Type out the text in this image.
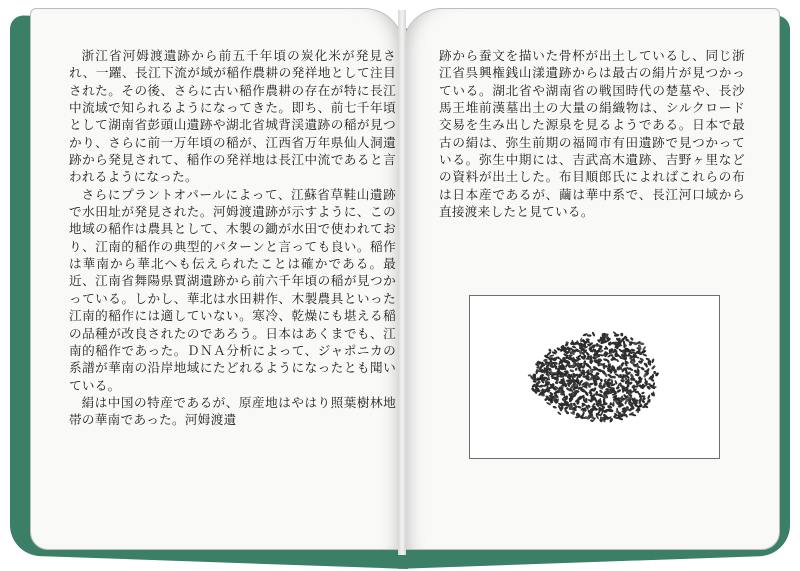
浙江省河姆渡遺跡から前五千年頃の炭化米が発見され、一躍、長江下流が域が稲作農耕の発祥地として注目された。その後、さらに古い稲作農耕の存在が特に長江中流域で知られるようになってきた。即ち、前七千年頃として湖南省彭頭山遺跡や湖北省城背渓遺跡の稲が見つかり、さらに前一万年頃の稲が、江西省万年県仙人洞遺跡から発見されて、稲作の発祥地は長江中流であると言われるようになった。

さらにプラントオパールによって、江蘇省草鞋山遺跡で水田址が発見された。河姆渡遺跡が示すように、この地域の稲作は農具として、木製の鋤が水田で使われており、江南的稲作の典型的パターンと言っても良い。稲作は華南から華北へも伝えられたことは確かである。最近、江南省舞陽県賈湖遺跡から前六千年頃の稲が見つかっている。しかし、華北は水田耕作、木製農具といった江南的稲作には適していない。寒冷、乾燥にも堪える稲の品種が改良されたのであろう。日本はあくまでも、江南的稲作であった。ＤＮＡ分析によって、ジャポニカの系譜が華南の沿岸地域にたどれるようになったとも聞いている。

絹は中国の特産であるが、原産地はやはり照葉樹林地帯の華南であった。河姆渡遺

跡から蚕文を描いた骨杯が出土しているし、同じ浙江省呉興権銭山漾遺跡からは最古の絹片が見つかっている。湖北省や湖南省の戦国時代の楚墓や、長沙馬王堆前漢墓出土の大量の絹織物は、シルクロード交易を生み出した源泉を見るようである。日本で最古の絹は、弥生前期の福岡市有田遺跡で見つかっている。弥生中期には、吉武高木遺跡、吉野ヶ里などの資料が出土した。布目順郎氏によればこれらの布は日本産であるが、繭は華中系で、長江河口域から直接渡来したと見ている。
